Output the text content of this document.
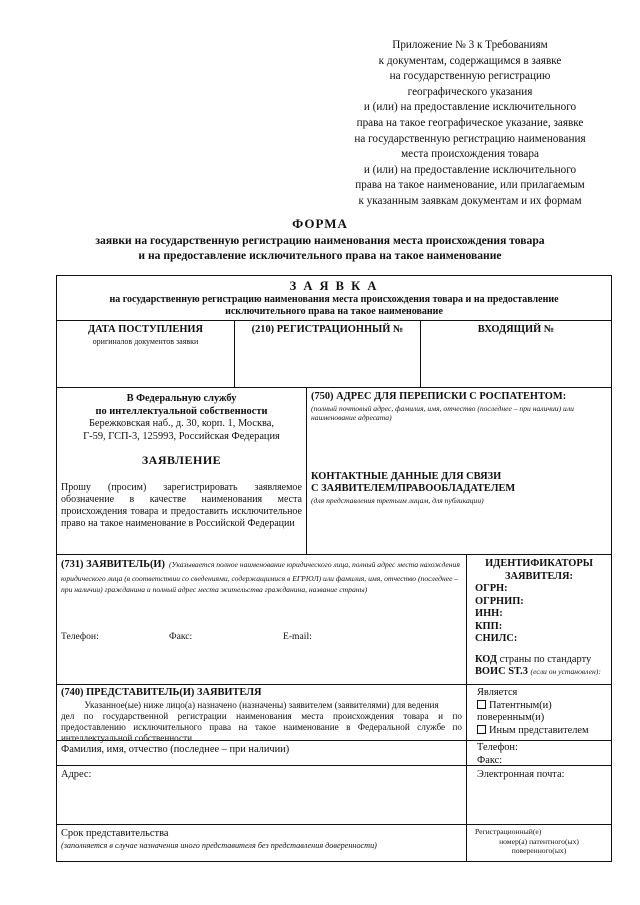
Приложение № 3 к Требованиям
к документам, содержащимся в заявке
на государственную регистрацию
географического указания
и (или) на предоставление исключительного
права на такое географическое указание, заявке
на государственную регистрацию наименования
места происхождения товара
и (или) на предоставление исключительного
права на такое наименование, или прилагаемым
к указанным заявкам документам и их формам
ФОРМА
заявки на государственную регистрацию наименования места происхождения товара
и на предоставление исключительного права на такое наименование
З А Я В К А
на государственную регистрацию наименования места происхождения товара и на предоставление
исключительного права на такое наименование
ДАТА ПОСТУПЛЕНИЯ
оригиналов документов заявки
(210) РЕГИСТРАЦИОННЫЙ №	ВХОДЯЩИЙ №
В Федеральную службу
по интеллектуальной собственности
Бережковская наб., д. 30, корп. 1, Москва,
Г-59, ГСП-3, 125993, Российская Федерация
ЗАЯВЛЕНИЕ
Прошу (просим) зарегистрировать заявляемое обозначение в качестве наименования места происхождения товара и предоставить исключительное право на такое наименование в Российской Федерации
(750) АДРЕС ДЛЯ ПЕРЕПИСКИ С РОСПАТЕНТОМ:
(полный почтовый адрес, фамилия, имя, отчество (последнее – при наличии) или наименование адресата)
КОНТАКТНЫЕ ДАННЫЕ ДЛЯ СВЯЗИ
С ЗАЯВИТЕЛЕМ/ПРАВООБЛАДАТЕЛЕМ
(для представления третьим лицам, для публикации)
(731) ЗАЯВИТЕЛЬ(И) (Указывается полное наименование юридического лица, полный адрес места нахождения юридического лица (в соответствии со сведениями, содержащимися в ЕГРЮЛ) или фамилия, имя, отчество (последнее – при наличии) гражданина и полный адрес места жительства гражданина, название страны)
Телефон:	Факс:	E-mail:
ИДЕНТИФИКАТОРЫ
ЗАЯВИТЕЛЯ:
ОГРН:
ОГРНИП:
ИНН:
КПП:
СНИЛС:
КОД страны по стандарту
ВОИС ST.3 (если он установлен):
(740) ПРЕДСТАВИТЕЛЬ(И) ЗАЯВИТЕЛЯ
Указанное(ые) ниже лицо(а) назначено (назначены) заявителем (заявителями) для ведения
дел по государственной регистрации наименования места происхождения товара и по предоставлению исключительного права на такое наименование в Федеральной службе по интеллектуальной собственности
Является
Патентным(и)
поверенным(и)
Иным представителем
Фамилия, имя, отчество (последнее – при наличии)	Телефон:
Факс:
Адрес:	Электронная почта:
Срок представительства
(заполняется в случае назначения иного представителя без представления доверенности)
Регистрационный(е)
номер(а) патентного(ых)
поверенного(ых)
